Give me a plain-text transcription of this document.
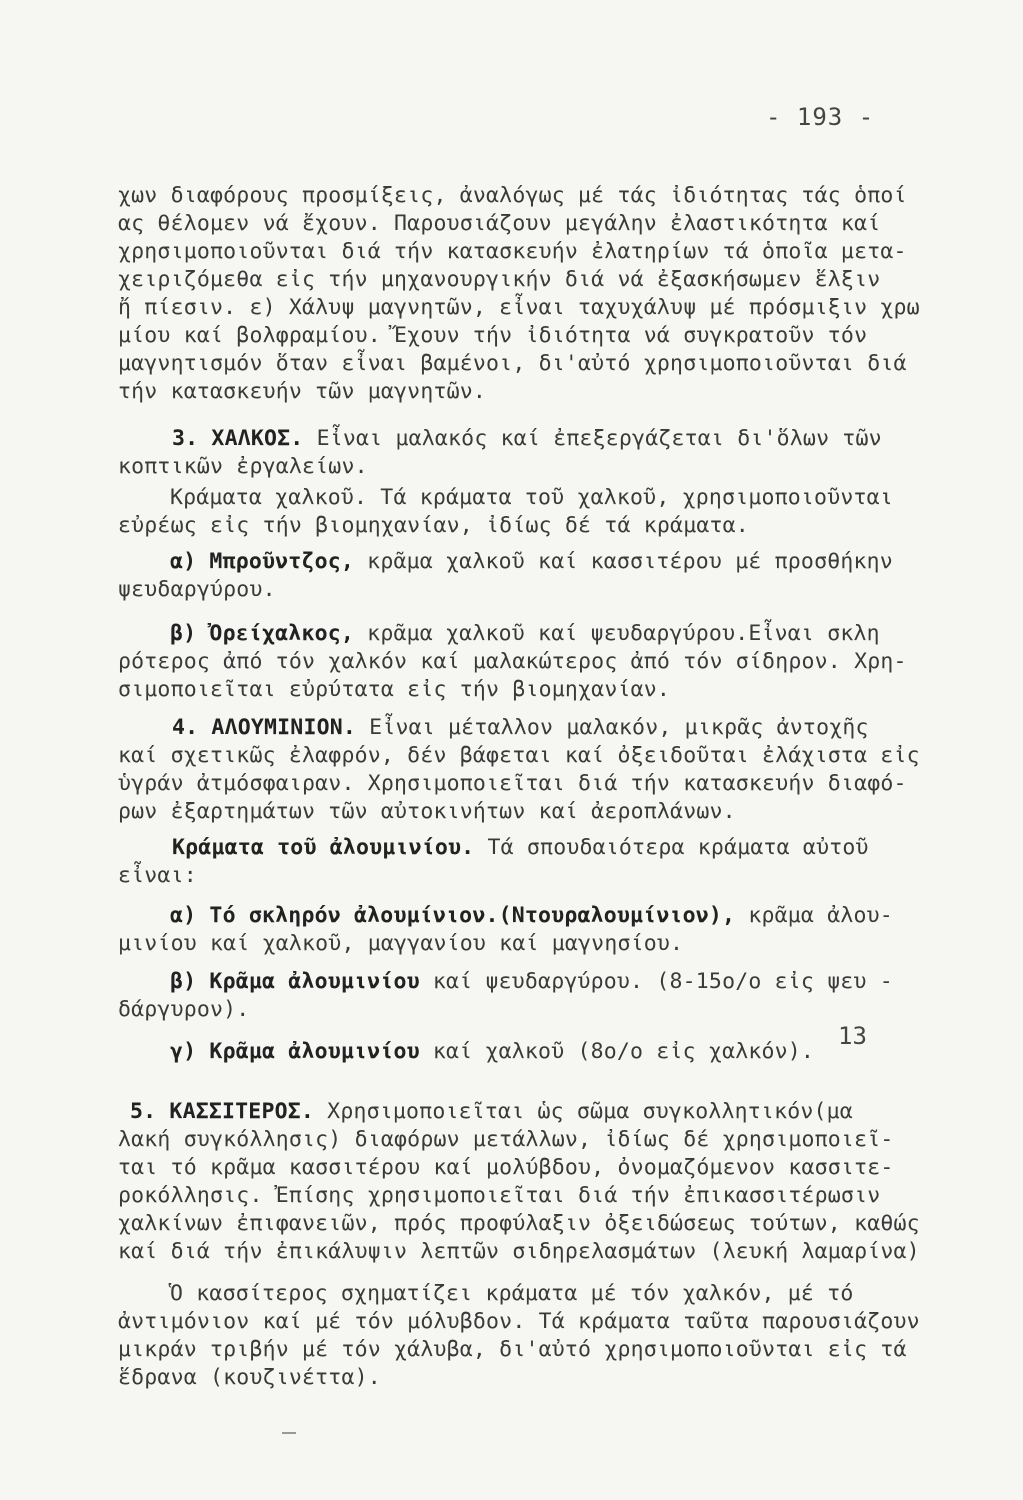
- 193 -
χων διαφόρους προσμίξεις, ἀναλόγως μέ τάς ἰδιότητας τάς ὁποί
ας θέλομεν νά ἔχουν. Παρουσιάζουν μεγάλην ἐλαστικότητα καί
χρησιμοποιοῦνται διά τήν κατασκευήν ἐλατηρίων τά ὁποῖα μετα-
χειριζόμεθα εἰς τήν μηχανουργικήν διά νά ἐξασκήσωμεν ἕλξιν
ἤ πίεσιν. ε) Χάλυψ μαγνητῶν, εἶναι ταχυχάλυψ μέ πρόσμιξιν χρω
μίου καί βολφραμίου. Ἔχουν τήν ἰδιότητα νά συγκρατοῦν τόν
μαγνητισμόν ὅταν εἶναι βαμένοι, δι'αὐτό χρησιμοποιοῦνται διά
τήν κατασκευήν τῶν μαγνητῶν.
3. ΧΑΛΚΟΣ. Εἶναι μαλακός καί ἐπεξεργάζεται δι'ὅλων τῶν
κοπτικῶν ἐργαλείων.
Κράματα χαλκοῦ. Τά κράματα τοῦ χαλκοῦ, χρησιμοποιοῦνται
εὐρέως εἰς τήν βιομηχανίαν, ἰδίως δέ τά κράματα.
α) Μπροῦντζος, κρᾶμα χαλκοῦ καί κασσιτέρου μέ προσθήκην
ψευδαργύρου.
β) Ὀρείχαλκος, κρᾶμα χαλκοῦ καί ψευδαργύρου.Εἶναι σκλη
ρότερος ἀπό τόν χαλκόν καί μαλακώτερος ἀπό τόν σίδηρον. Χρη-
σιμοποιεῖται εὐρύτατα εἰς τήν βιομηχανίαν.
4. ΑΛΟΥΜΙΝΙΟΝ. Εἶναι μέταλλον μαλακόν, μικρᾶς ἀντοχῆς
καί σχετικῶς ἐλαφρόν, δέν βάφεται καί ὀξειδοῦται ἐλάχιστα εἰς
ὑγράν ἀτμόσφαιραν. Χρησιμοποιεῖται διά τήν κατασκευήν διαφό-
ρων ἐξαρτημάτων τῶν αὐτοκινήτων καί ἀεροπλάνων.
Κράματα τοῦ ἀλουμινίου. Τά σπουδαιότερα κράματα αὐτοῦ
εἶναι:
α) Τό σκληρόν ἀλουμίνιον.(Ντουραλουμίνιον), κρᾶμα ἀλου-
μινίου καί χαλκοῦ, μαγγανίου καί μαγνησίου.
β) Κρᾶμα ἀλουμινίου καί ψευδαργύρου. (8-15ο/ο εἰς ψευ -
δάργυρον).
γ) Κρᾶμα ἀλουμινίου καί χαλκοῦ (8ο/ο εἰς χαλκόν).
5. ΚΑΣΣΙΤΕΡΟΣ. Χρησιμοποιεῖται ὡς σῶμα συγκολλητικόν(μα
λακή συγκόλλησις) διαφόρων μετάλλων, ἰδίως δέ χρησιμοποιεῖ-
ται τό κρᾶμα κασσιτέρου καί μολύβδου, ὀνομαζόμενον κασσιτε-
ροκόλλησις. Ἐπίσης χρησιμοποιεῖται διά τήν ἐπικασσιτέρωσιν
χαλκίνων ἐπιφανειῶν, πρός προφύλαξιν ὀξειδώσεως τούτων, καθώς
καί διά τήν ἐπικάλυψιν λεπτῶν σιδηρελασμάτων (λευκή λαμαρίνα)
Ὁ κασσίτερος σχηματίζει κράματα μέ τόν χαλκόν, μέ τό
ἀντιμόνιον καί μέ τόν μόλυβδον. Τά κράματα ταῦτα παρουσιάζουν
μικράν τριβήν μέ τόν χάλυβα, δι'αὐτό χρησιμοποιοῦνται εἰς τά
ἕδρανα (κουζινέττα).
13
